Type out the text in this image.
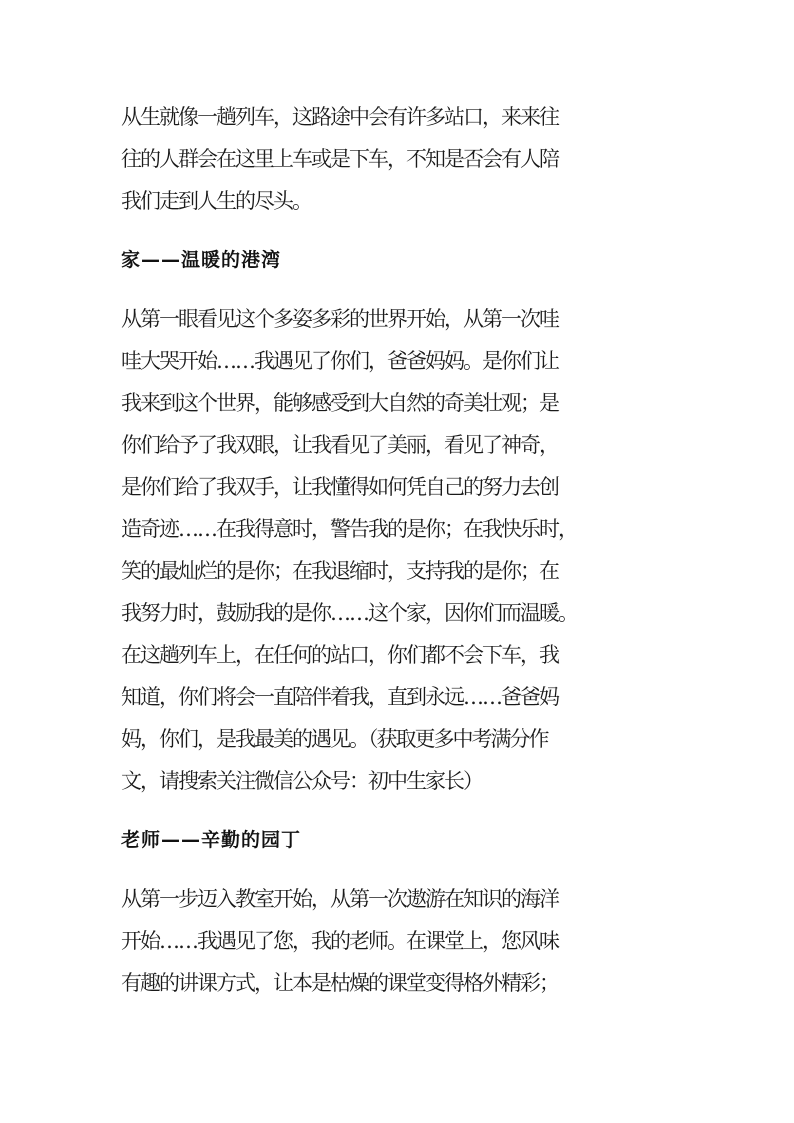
从生就像一趟列车，这路途中会有许多站口，来来往
往的人群会在这里上车或是下车，不知是否会有人陪
我们走到人生的尽头。
家——温暖的港湾
从第一眼看见这个多姿多彩的世界开始，从第一次哇
哇大哭开始……我遇见了你们，爸爸妈妈。是你们让
我来到这个世界，能够感受到大自然的奇美壮观；是
你们给予了我双眼，让我看见了美丽，看见了神奇，
是你们给了我双手，让我懂得如何凭自己的努力去创
造奇迹……在我得意时，警告我的是你；在我快乐时，
笑的最灿烂的是你；在我退缩时，支持我的是你；在
我努力时，鼓励我的是你……这个家，因你们而温暖。
在这趟列车上，在任何的站口，你们都不会下车，我
知道，你们将会一直陪伴着我，直到永远……爸爸妈
妈，你们，是我最美的遇见。（获取更多中考满分作
文，请搜索关注微信公众号：初中生家长）
老师——辛勤的园丁
从第一步迈入教室开始，从第一次遨游在知识的海洋
开始……我遇见了您，我的老师。在课堂上，您风味
有趣的讲课方式，让本是枯燥的课堂变得格外精彩；
